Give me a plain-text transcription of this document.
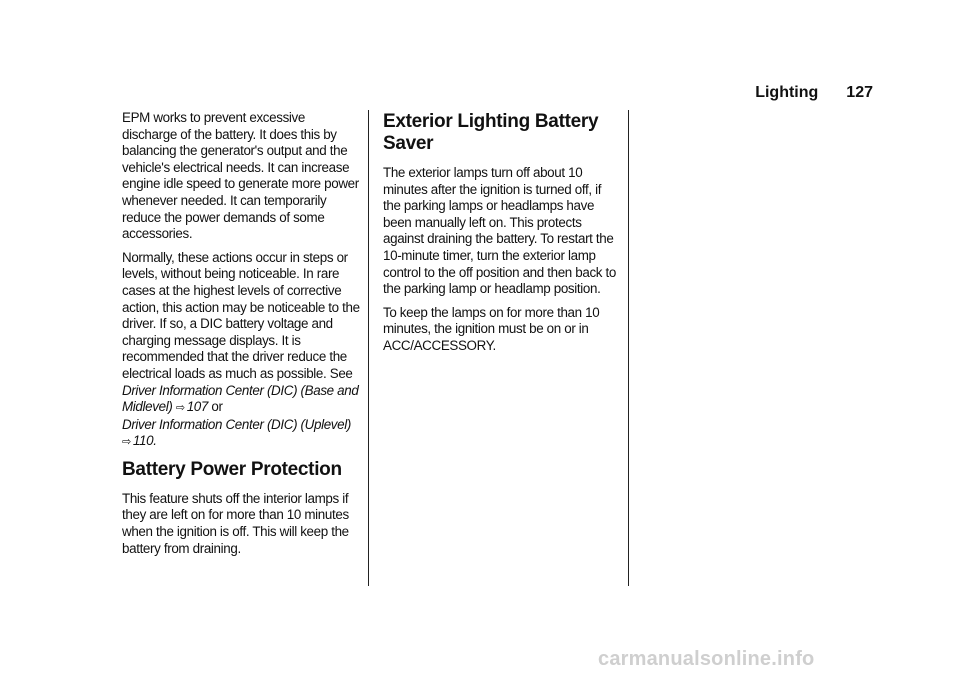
Lighting 127

EPM works to prevent excessive discharge of the battery. It does this by balancing the generator's output and the vehicle's electrical needs. It can increase engine idle speed to generate more power whenever needed. It can temporarily reduce the power demands of some accessories.

Normally, these actions occur in steps or levels, without being noticeable. In rare cases at the highest levels of corrective action, this action may be noticeable to the driver. If so, a DIC battery voltage and charging message displays. It is recommended that the driver reduce the electrical loads as much as possible. See Driver Information Center (DIC) (Base and Midlevel) ⇨ 107 or
Driver Information Center (DIC) (Uplevel)
⇨ 110.

Battery Power Protection

This feature shuts off the interior lamps if they are left on for more than 10 minutes when the ignition is off. This will keep the battery from draining.

Exterior Lighting Battery Saver

The exterior lamps turn off about 10 minutes after the ignition is turned off, if the parking lamps or headlamps have been manually left on. This protects against draining the battery. To restart the 10-minute timer, turn the exterior lamp control to the off position and then back to the parking lamp or headlamp position.

To keep the lamps on for more than 10 minutes, the ignition must be on or in ACC/ACCESSORY.

carmanualsonline.info
